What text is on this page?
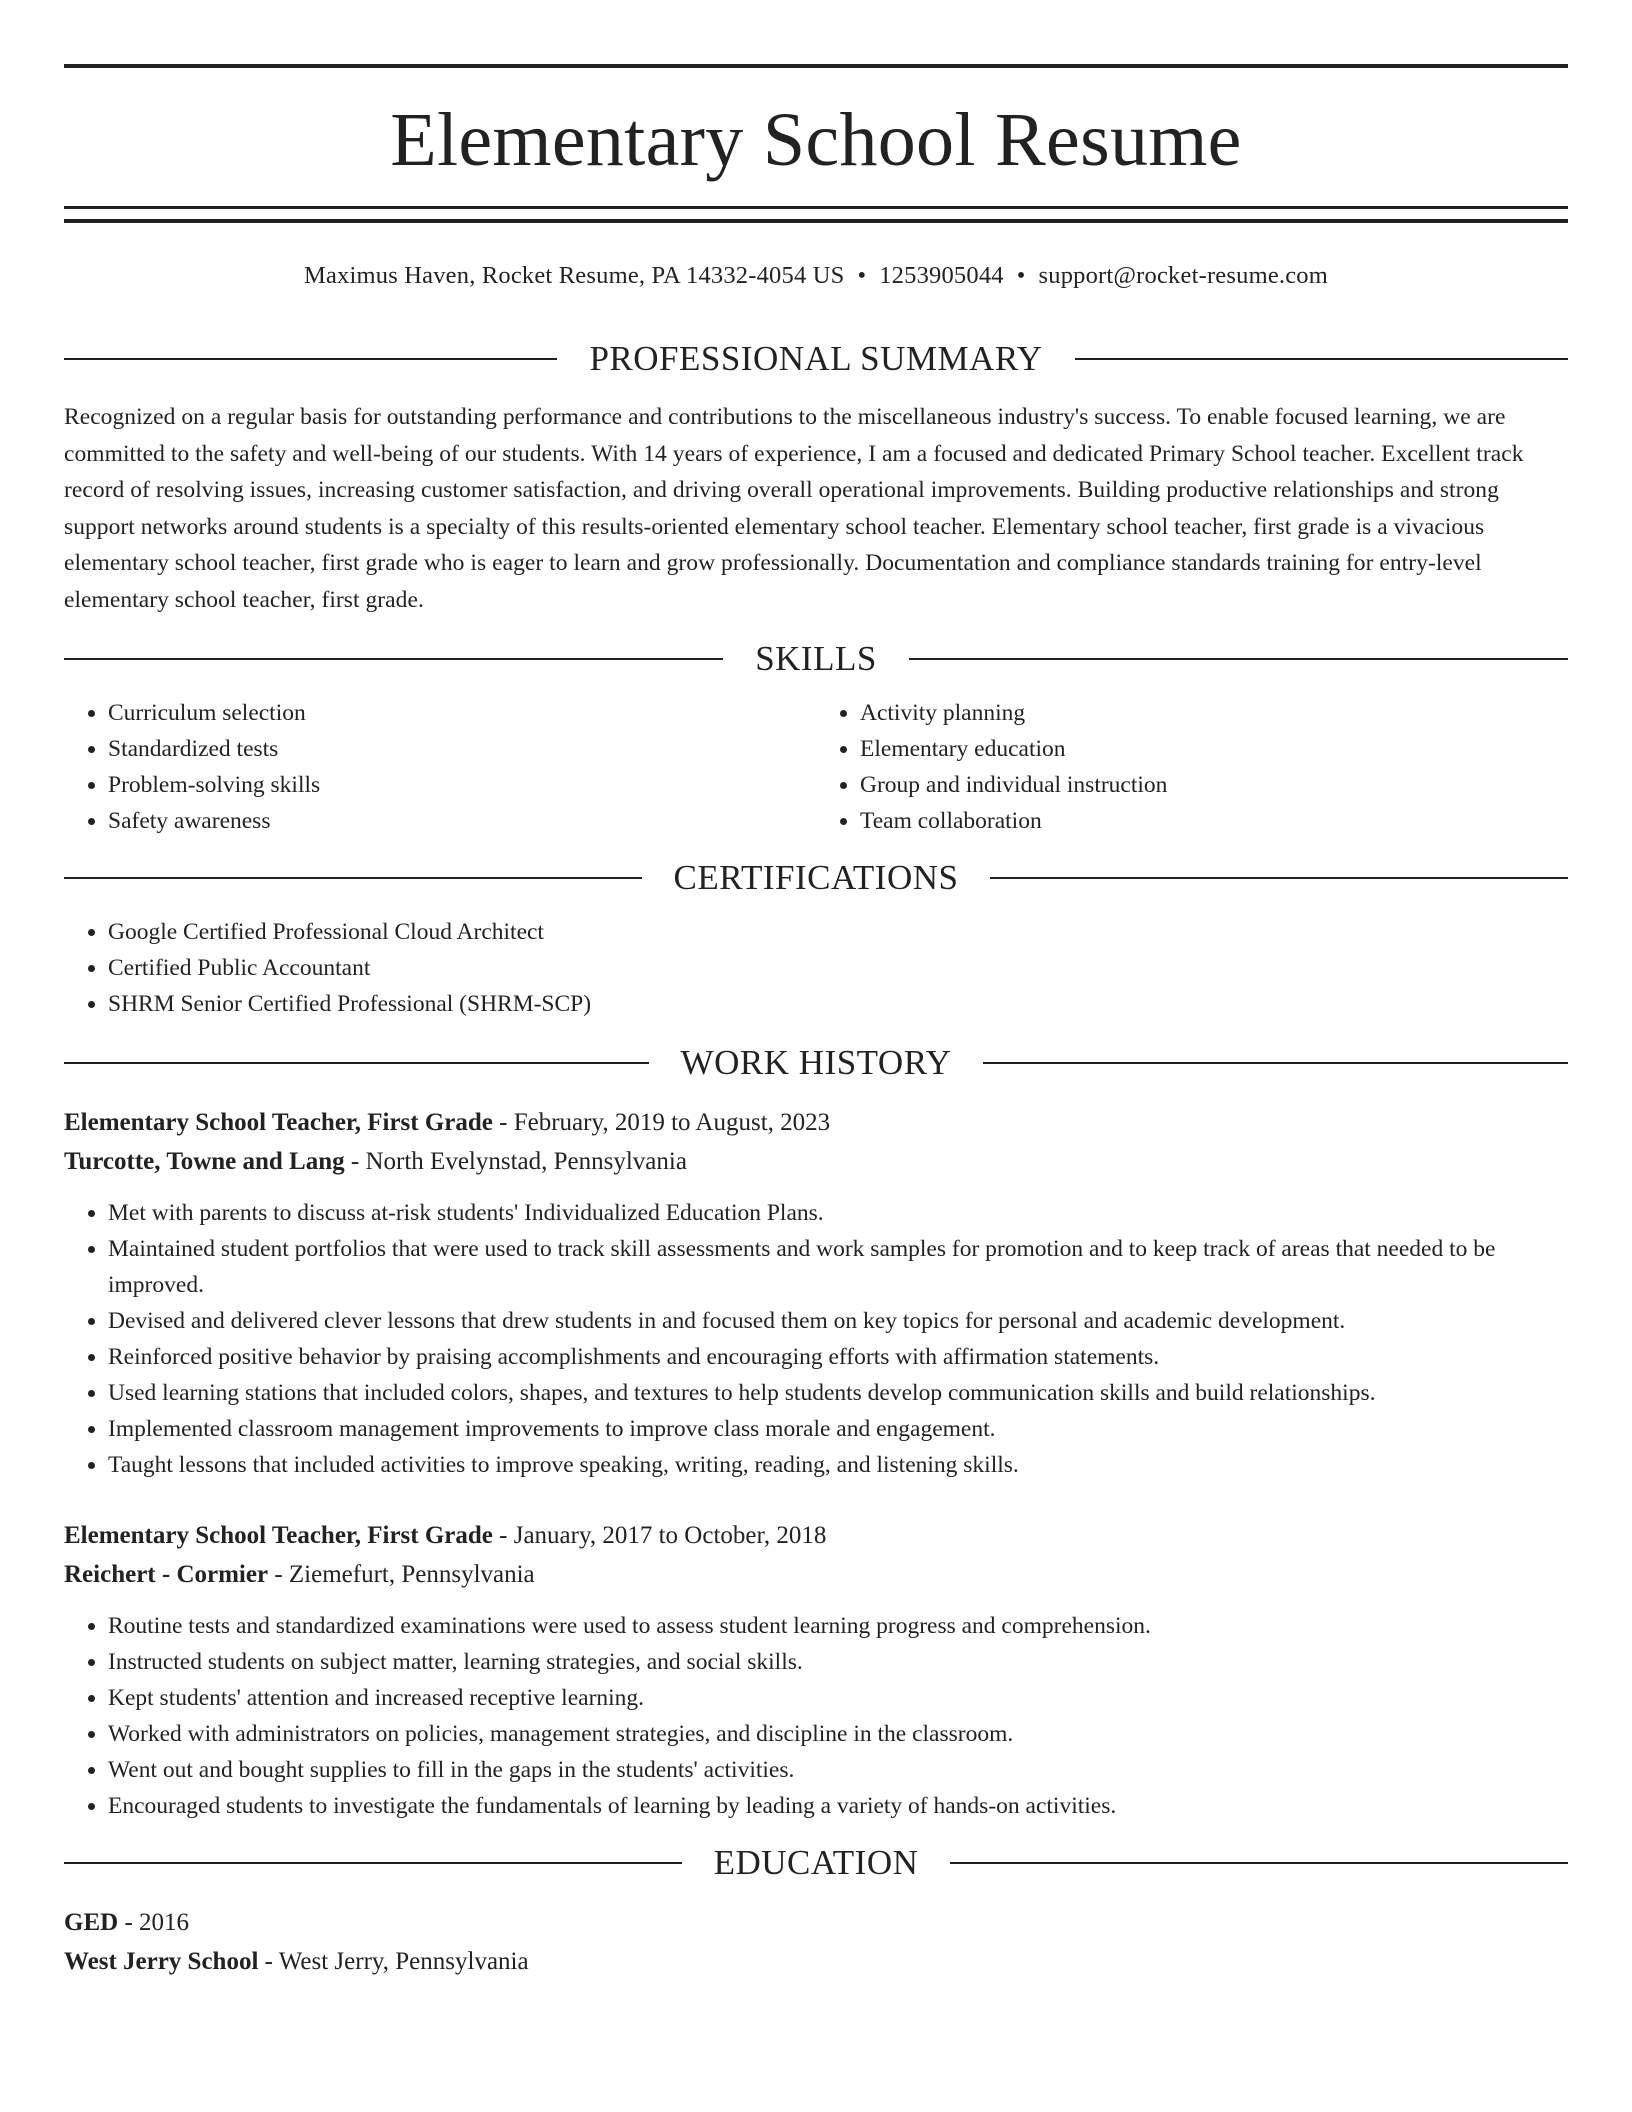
Elementary School Resume
Maximus Haven, Rocket Resume, PA 14332-4054 US • 1253905044 • support@rocket-resume.com
PROFESSIONAL SUMMARY

Recognized on a regular basis for outstanding performance and contributions to the miscellaneous industry's success. To enable focused learning, we are committed to the safety and well-being of our students. With 14 years of experience, I am a focused and dedicated Primary School teacher. Excellent track record of resolving issues, increasing customer satisfaction, and driving overall operational improvements. Building productive relationships and strong support networks around students is a specialty of this results-oriented elementary school teacher. Elementary school teacher, first grade is a vivacious elementary school teacher, first grade who is eager to learn and grow professionally. Documentation and compliance standards training for entry-level elementary school teacher, first grade.

SKILLS
• Curriculum selection
• Standardized tests
• Problem-solving skills
• Safety awareness
• Activity planning
• Elementary education
• Group and individual instruction
• Team collaboration
CERTIFICATIONS
• Google Certified Professional Cloud Architect
• Certified Public Accountant
• SHRM Senior Certified Professional (SHRM-SCP)
WORK HISTORY
Elementary School Teacher, First Grade - February, 2019 to August, 2023
Turcotte, Towne and Lang - North Evelynstad, Pennsylvania
• Met with parents to discuss at-risk students' Individualized Education Plans.
• Maintained student portfolios that were used to track skill assessments and work samples for promotion and to keep track of areas that needed to be improved.
• Devised and delivered clever lessons that drew students in and focused them on key topics for personal and academic development.
• Reinforced positive behavior by praising accomplishments and encouraging efforts with affirmation statements.
• Used learning stations that included colors, shapes, and textures to help students develop communication skills and build relationships.
• Implemented classroom management improvements to improve class morale and engagement.
• Taught lessons that included activities to improve speaking, writing, reading, and listening skills.
Elementary School Teacher, First Grade - January, 2017 to October, 2018
Reichert - Cormier - Ziemefurt, Pennsylvania
• Routine tests and standardized examinations were used to assess student learning progress and comprehension.
• Instructed students on subject matter, learning strategies, and social skills.
• Kept students' attention and increased receptive learning.
• Worked with administrators on policies, management strategies, and discipline in the classroom.
• Went out and bought supplies to fill in the gaps in the students' activities.
• Encouraged students to investigate the fundamentals of learning by leading a variety of hands-on activities.
EDUCATION
GED - 2016
West Jerry School - West Jerry, Pennsylvania
